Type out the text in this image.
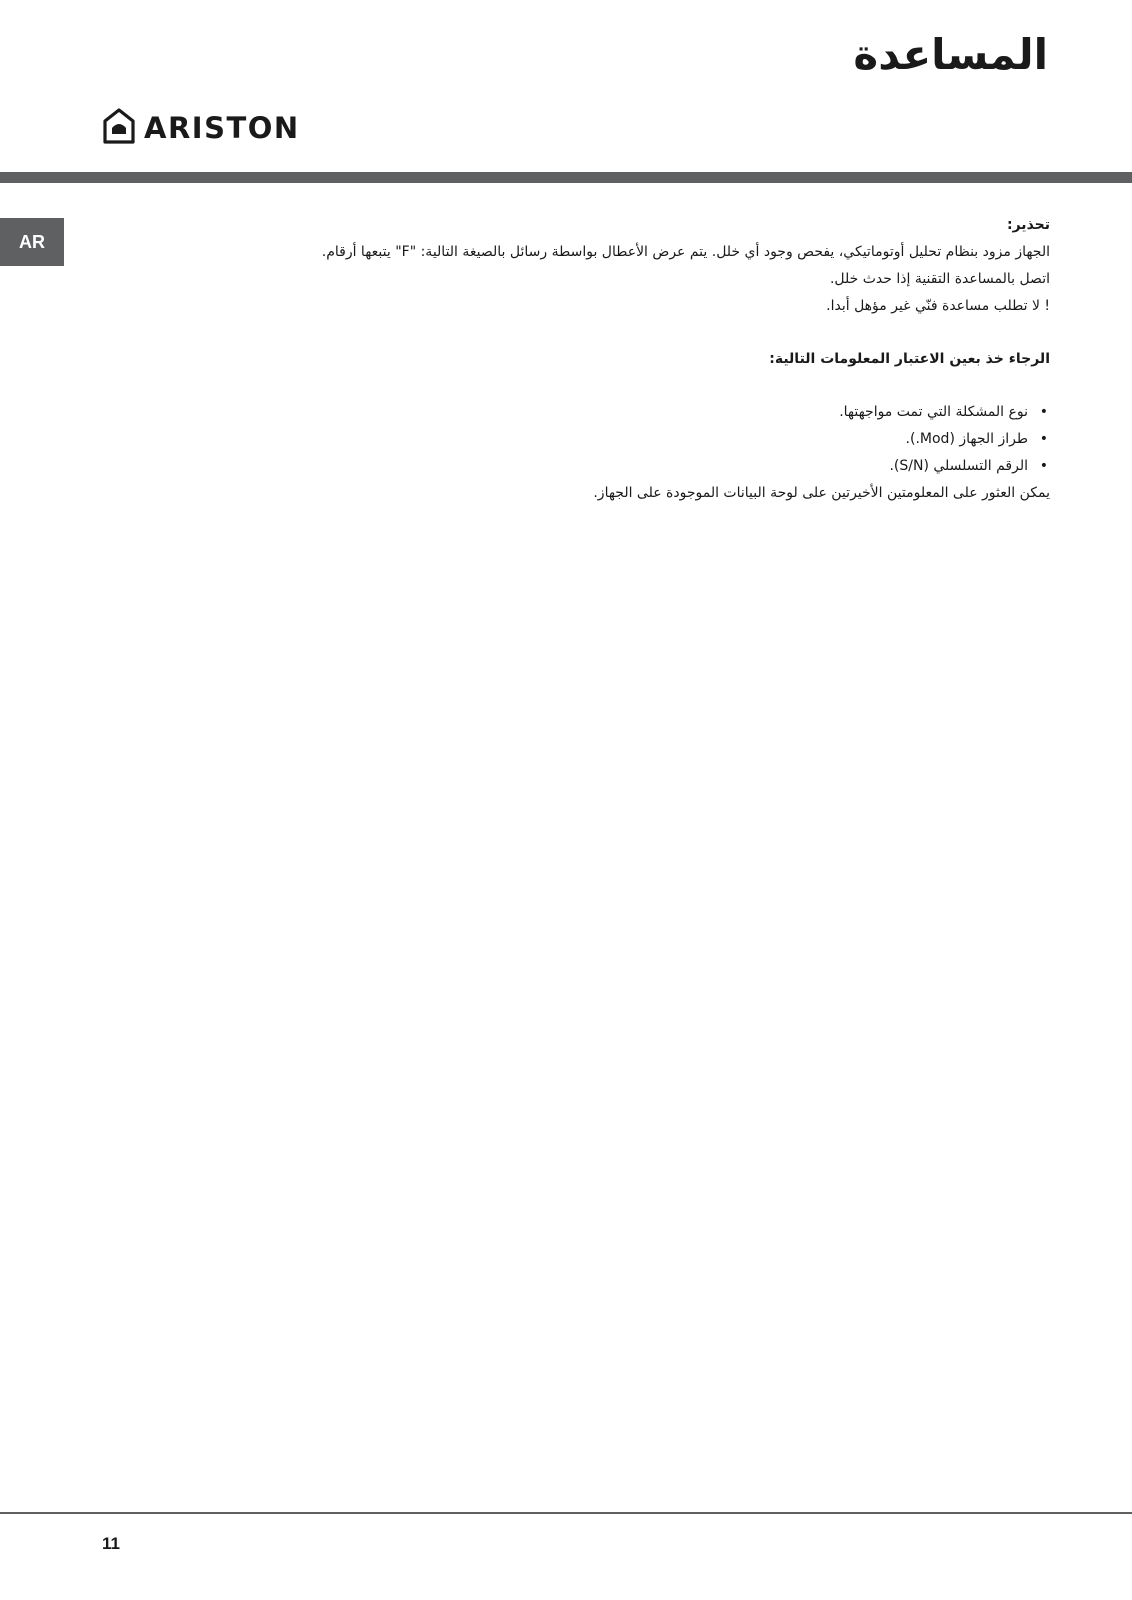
المساعدة
ARISTON
AR

تحذير:

الجهاز مزود بنظام تحليل أوتوماتيكي، يفحص وجود أي خلل. يتم عرض الأعطال بواسطة رسائل بالصيغة التالية: "F" يتبعها أرقام.

اتصل بالمساعدة التقنية إذا حدث خلل.

! لا تطلب مساعدة فنّي غير مؤهل أبدا.

الرجاء خذ بعين الاعتبار المعلومات التالية:

• نوع المشكلة التي تمت مواجهتها.
• طراز الجهاز (Mod.).
• الرقم التسلسلي (S/N).

يمكن العثور على المعلومتين الأخيرتين على لوحة البيانات الموجودة على الجهاز.

11
